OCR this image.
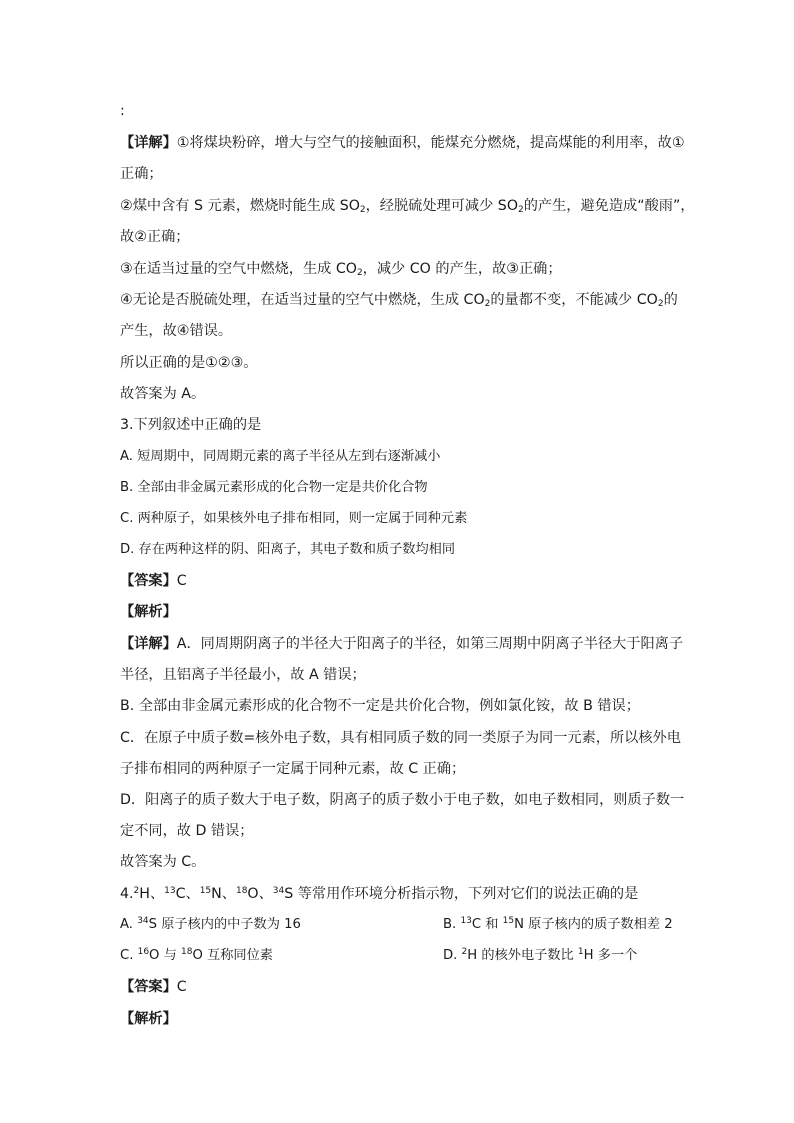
:
【详解】①将煤块粉碎，增大与空气的接触面积，能煤充分燃烧，提高煤能的利用率，故①
正确；
②煤中含有 S 元素，燃烧时能生成 $SO_2$，经脱硫处理可减少 $SO_2$的产生，避免造成“酸雨”，
故②正确；
③在适当过量的空气中燃烧，生成 $CO_2$，减少 CO 的产生，故③正确；
④无论是否脱硫处理，在适当过量的空气中燃烧，生成 $CO_2$的量都不变，不能减少 $CO_2$的
产生，故④错误。
所以正确的是①②③。
故答案为 A。
3.下列叙述中正确的是
A. 短周期中，同周期元素的离子半径从左到右逐渐减小
B. 全部由非金属元素形成的化合物一定是共价化合物
C. 两种原子，如果核外电子排布相同，则一定属于同种元素
D. 存在两种这样的阴、阳离子，其电子数和质子数均相同
【答案】C
【解析】
【详解】A．同周期阴离子的半径大于阳离子的半径，如第三周期中阴离子半径大于阳离子
半径，且铝离子半径最小，故 A 错误；
B. 全部由非金属元素形成的化合物不一定是共价化合物，例如氯化铵，故 B 错误；
C．在原子中质子数=核外电子数，具有相同质子数的同一类原子为同一元素，所以核外电
子排布相同的两种原子一定属于同种元素，故 C 正确；
D．阳离子的质子数大于电子数，阴离子的质子数小于电子数，如电子数相同，则质子数一
定不同，故 D 错误；
故答案为 C。
4.$^2$H、$^{13}$C、$^{15}$N、$^{18}$O、$^{34}$S 等常用作环境分析指示物，下列对它们的说法正确的是
A. $^{34}$S 原子核内的中子数为 16	B. $^{13}$C 和 $^{15}$N 原子核内的质子数相差 2
C. $^{16}$O 与 $^{18}$O 互称同位素	D. $^2$H 的核外电子数比 $^1$H 多一个
【答案】C
【解析】
